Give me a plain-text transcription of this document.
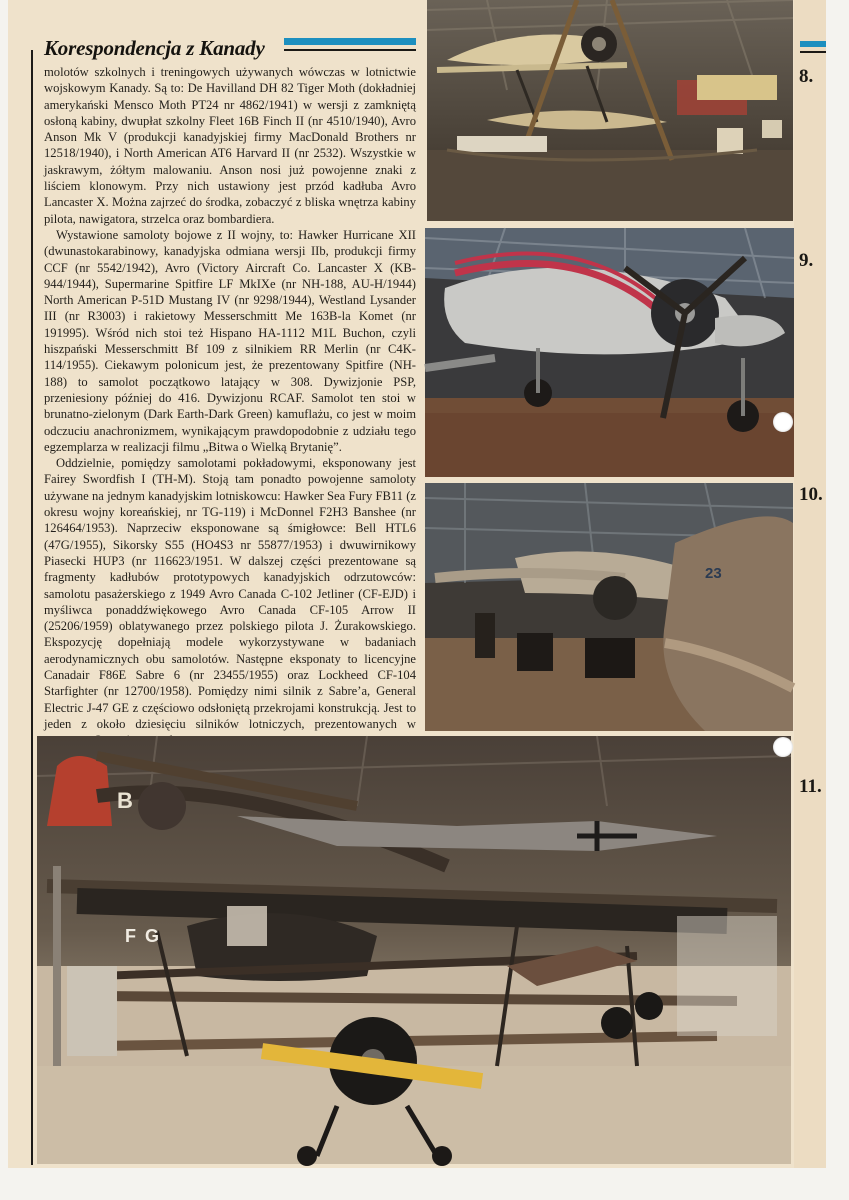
Korespondencja z Kanady

molotów szkolnych i treningowych używanych wówczas w lotnictwie wojskowym Kanady. Są to: De Havilland DH 82 Tiger Moth (dokładniej amerykański Mensco Moth PT24 nr 4862/1941) w wersji z zamkniętą osłoną kabiny, dwupłat szkolny Fleet 16B Finch II (nr 4510/1940), Avro Anson Mk V (produkcji kanadyjskiej firmy MacDonald Brothers nr 12518/1940), i North American AT6 Harvard II (nr 2532). Wszystkie w jaskrawym, żółtym malowaniu. Anson nosi już powojenne znaki z liściem klonowym. Przy nich ustawiony jest przód kadłuba Avro Lancaster X. Można zajrzeć do środka, zobaczyć z bliska wnętrza kabiny pilota, nawigatora, strzelca oraz bombardiera.

Wystawione samoloty bojowe z II wojny, to: Hawker Hurricane XII (dwunastokarabinowy, kanadyjska odmiana wersji IIb, produkcji firmy CCF (nr 5542/1942), Avro (Victory Aircraft Co. Lancaster X (KB-944/1944), Supermarine Spitfire LF MkIXe (nr NH-188, AU-H/1944) North American P-51D Mustang IV (nr 9298/1944), Westland Lysander III (nr R3003) i rakietowy Messerschmitt Me 163B-la Komet (nr 191995). Wśród nich stoi też Hispano HA-1112 M1L Buchon, czyli hiszpański Messerschmitt Bf 109 z silnikiem RR Merlin (nr C4K-114/1955). Ciekawym polonicum jest, że prezentowany Spitfire (NH-188) to samolot początkowo latający w 308. Dywizjonie PSP, przeniesiony później do 416. Dywizjonu RCAF. Samolot ten stoi w brunatno-zielonym (Dark Earth-Dark Green) kamuflażu, co jest w moim odczuciu anachronizmem, wynikającym prawdopodobnie z udziału tego egzemplarza w realizacji filmu „Bitwa o Wielką Brytanię”.

Oddzielnie, pomiędzy samolotami pokładowymi, eksponowany jest Fairey Swordfish I (TH-M). Stoją tam ponadto powojenne samoloty używane na jednym kanadyjskim lotniskowcu: Hawker Sea Fury FB11 (z okresu wojny koreańskiej, nr TG-119) i McDonnel F2H3 Banshee (nr 126464/1953). Naprzeciw eksponowane są śmigłowce: Bell HTL6 (47G/1955), Sikorsky S55 (HO4S3 nr 55877/1953) i dwuwirnikowy Piasecki HUP3 (nr 116623/1951. W dalszej części prezentowane są fragmenty kadłubów prototypowych kanadyjskich odrzutowców: samolotu pasażerskiego z 1949 Avro Canada C-102 Jetliner (CF-EJD) i myśliwca ponaddźwiękowego Avro Canada CF-105 Arrow II (25206/1959) oblatywanego przez polskiego pilota J. Żurakowskiego. Ekspozycję dopełniają modele wykorzystywane w badaniach aerodynamicznych obu samolotów. Następne eksponaty to licencyjne Canadair F86E Sabre 6 (nr 23455/1955) oraz Lockheed CF-104 Starfighter (nr 12700/1958). Pomiędzy nimi silnik z Sabre’a, General Electric J-47 GE z częściowo odsłoniętą przekrojami konstrukcją. Jest to jeden z około dziesięciu silników lotniczych, prezentowanych w

23
B
F G
8.
9.
10.
11.
